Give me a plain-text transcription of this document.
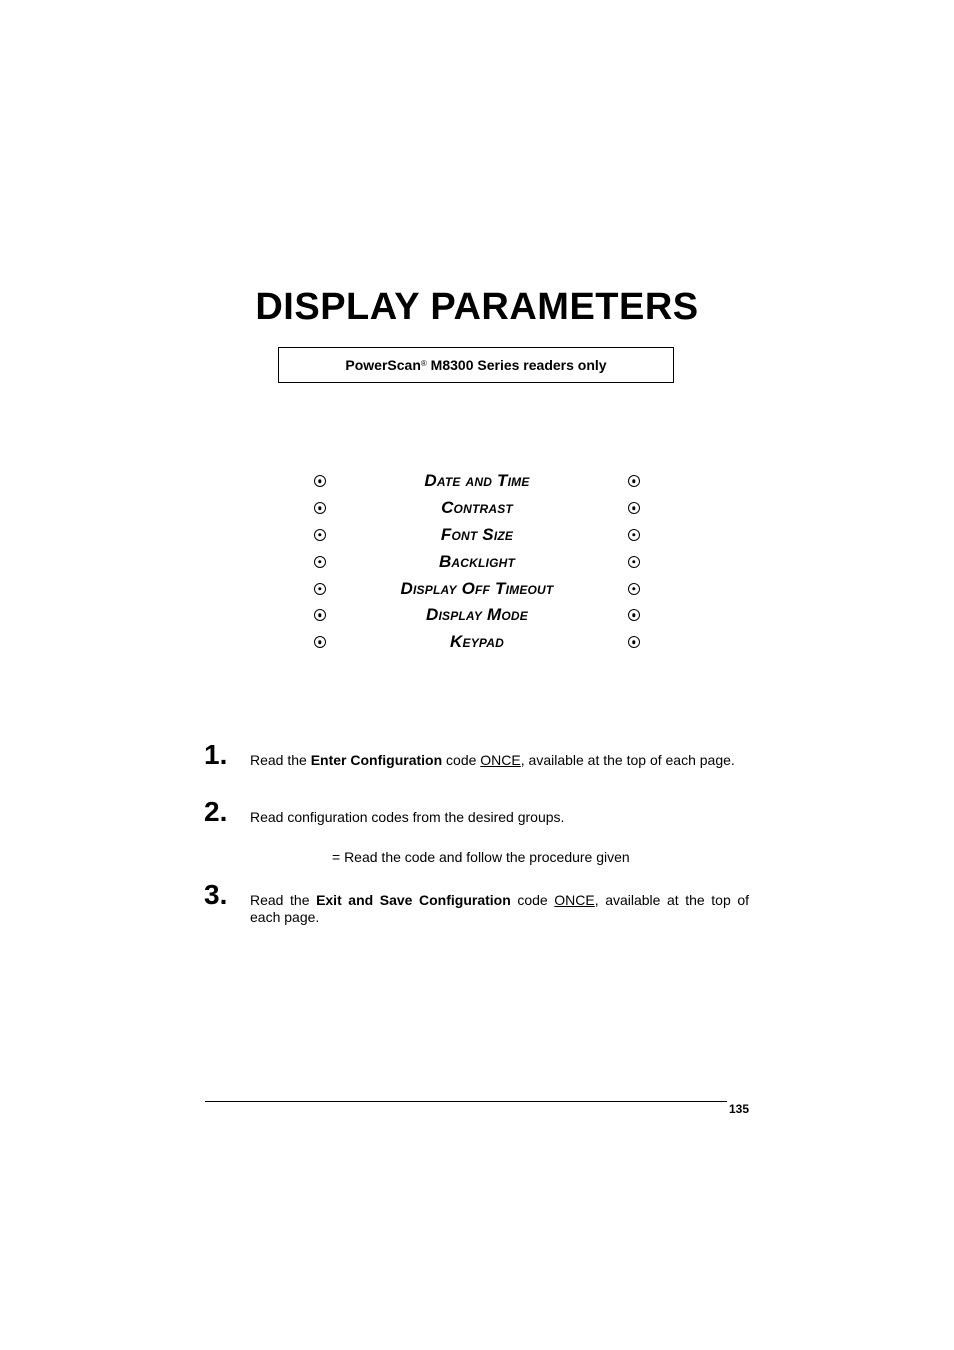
DISPLAY PARAMETERS
PowerScan® M8300 Series readers only
Date and Time
Contrast
Font Size
Backlight
Display Off Timeout
Display Mode
Keypad
1. Read the Enter Configuration code ONCE, available at the top of each page.
2. Read configuration codes from the desired groups.
= Read the code and follow the procedure given
3. Read the Exit and Save Configuration code ONCE, available at the top of each page.
135
